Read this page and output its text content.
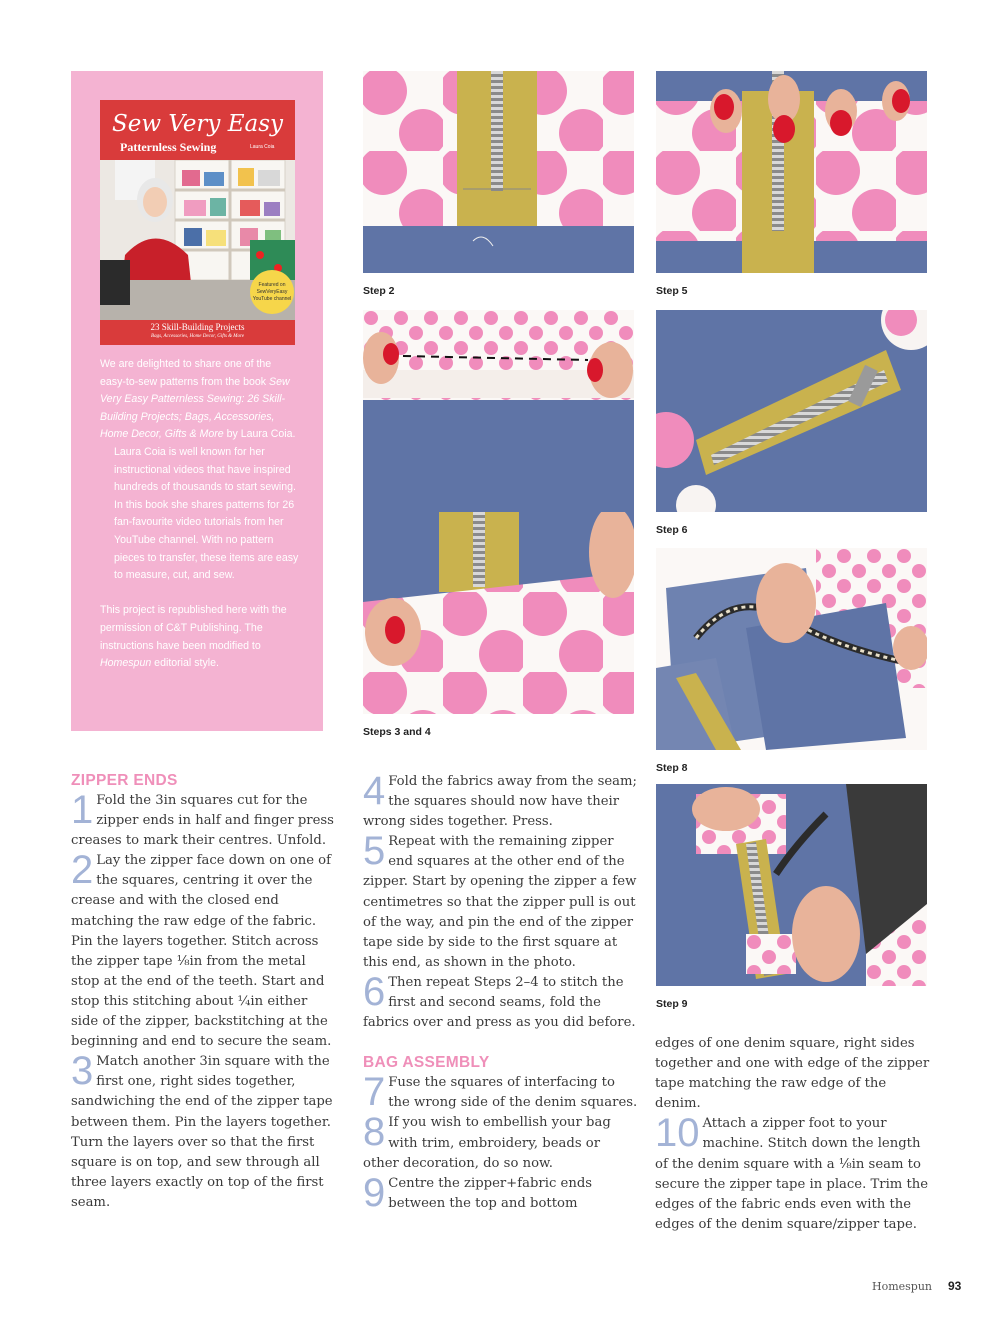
Sew Very Easy
Patternless Sewing	Laura Coia
Featured on SewVeryEasy YouTube channel
23 Skill-Building Projects
Bags, Accessories, Home Decor, Gifts & More

We are delighted to share one of the easy-to-sew patterns from the book Sew Very Easy Patternless Sewing: 26 Skill-Building Projects; Bags, Accessories, Home Decor, Gifts & More by Laura Coia.

Laura Coia is well known for her instructional videos that have inspired hundreds of thousands to start sewing. In this book she shares patterns for 26 fan-favourite video tutorials from her YouTube channel. With no pattern pieces to transfer, these items are easy to measure, cut, and sew.

This project is republished here with the permission of C&T Publishing. The instructions have been modified to Homespun editorial style.

Step 2	Step 5
Steps 3 and 4
Step 6
Step 8
Step 9
ZIPPER ENDS

1 Fold the 3in squares cut for the zipper ends in half and finger press creases to mark their centres. Unfold.

2 Lay the zipper face down on one of the squares, centring it over the crease and with the closed end matching the raw edge of the fabric. Pin the layers together. Stitch across the zipper tape ⅛in from the metal stop at the end of the teeth. Start and stop this stitching about ¼in either side of the zipper, backstitching at the beginning and end to secure the seam.

3 Match another 3in square with the first one, right sides together, sandwiching the end of the zipper tape between them. Pin the layers together. Turn the layers over so that the first square is on top, and sew through all three layers exactly on top of the first seam.

4 Fold the fabrics away from the seam; the squares should now have their wrong sides together. Press.

5 Repeat with the remaining zipper end squares at the other end of the zipper. Start by opening the zipper a few centimetres so that the zipper pull is out of the way, and pin the end of the zipper tape side by side to the first square at this end, as shown in the photo.

6 Then repeat Steps 2–4 to stitch the first and second seams, fold the fabrics over and press as you did before.

BAG ASSEMBLY

7 Fuse the squares of interfacing to the wrong side of the denim squares.

8 If you wish to embellish your bag with trim, embroidery, beads or other decoration, do so now.

9 Centre the zipper+fabric ends between the top and bottom

edges of one denim square, right sides together and one with edge of the zipper tape matching the raw edge of the denim.

10 Attach a zipper foot to your machine. Stitch down the length of the denim square with a ⅛in seam to secure the zipper tape in place. Trim the edges of the fabric ends even with the edges of the denim square/zipper tape.

Homespun 93
